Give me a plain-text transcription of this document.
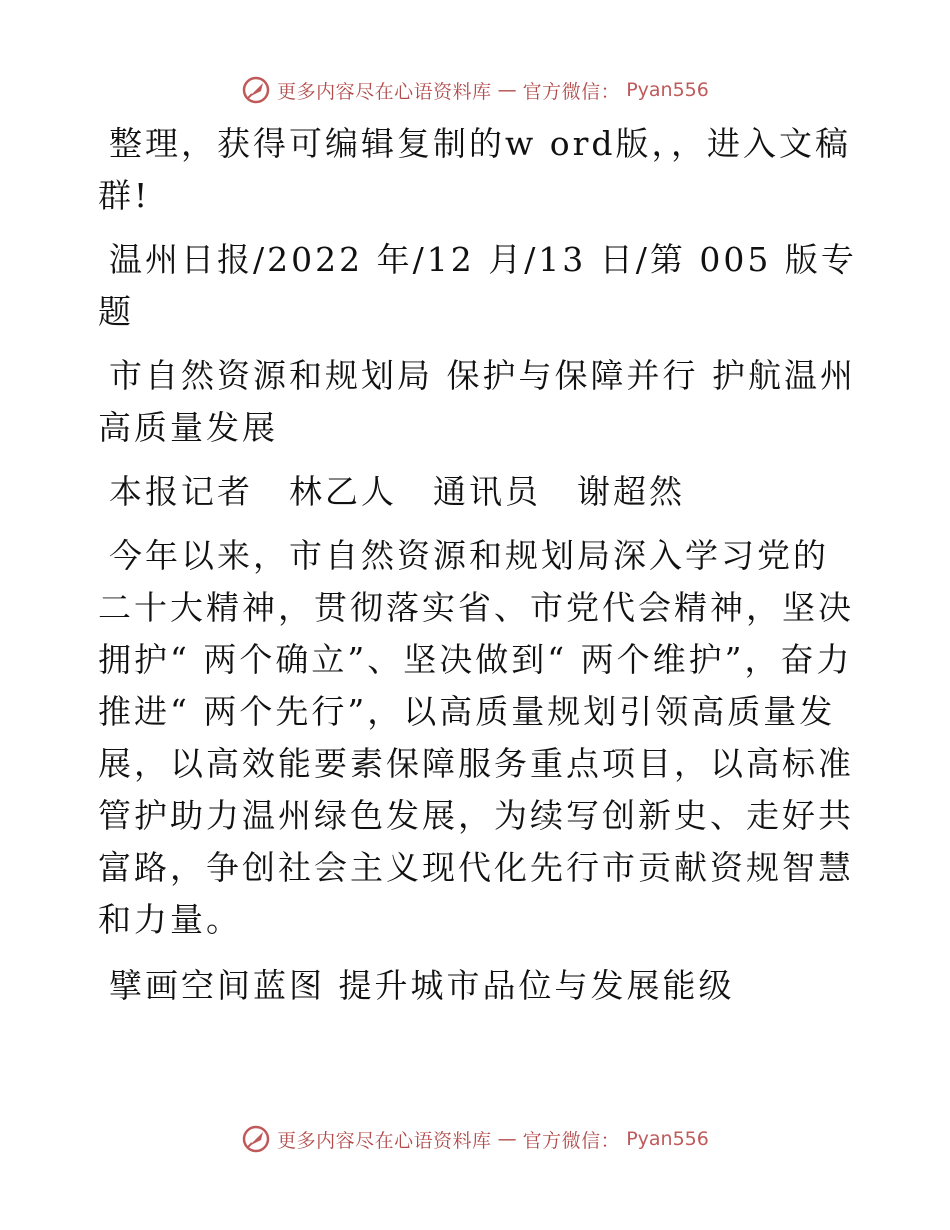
更多内容尽在心语资料库 — 官方微信： Pyan556

整理，获得可编辑复制的w ord版，，进入文稿群!

温州日报/2022 年/12 月/13 日/第 005 版专题

市自然资源和规划局 保护与保障并行 护航温州高质量发展

本报记者　林乙人　通讯员　谢超然

今年以来，市自然资源和规划局深入学习党的二十大精神，贯彻落实省、市党代会精神，坚决拥护“ 两个确立”、坚决做到“ 两个维护”，奋力推进“ 两个先行”，以高质量规划引领高质量发展，以高效能要素保障服务重点项目，以高标准管护助力温州绿色发展，为续写创新史、走好共富路，争创社会主义现代化先行市贡献资规智慧和力量。

擘画空间蓝图 提升城市品位与发展能级

更多内容尽在心语资料库 — 官方微信： Pyan556
